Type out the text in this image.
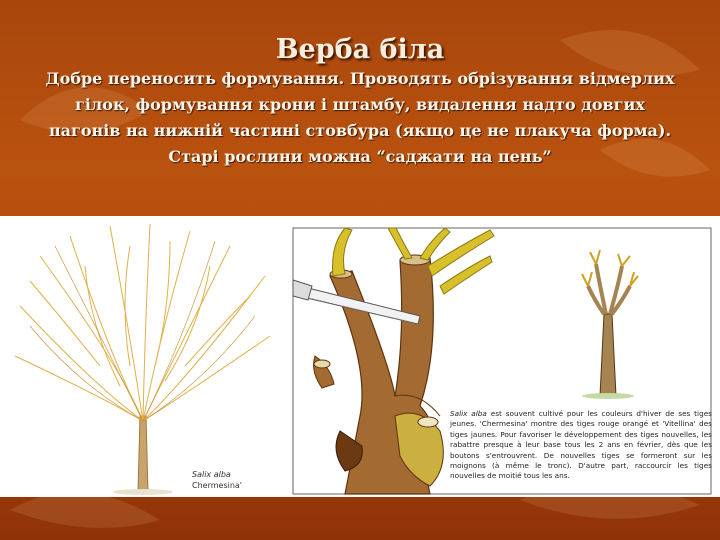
Верба біла
Добре переносить формування. Проводять обрізування відмерлих гілок, формування крони і штамбу, видалення надто довгих пагонів на нижній частині стовбура (якщо це не плакуча форма). Старі рослини можна “саджати на пень”
Salix alba
Chermesina'
Salix alba est souvent cultivé pour les couleurs d'hiver de ses tiges jeunes. 'Chermesina' montre des tiges rouge orangé et 'Vitellina' des tiges jaunes. Pour favoriser le développement des tiges nouvelles, les rabattre presque à leur base tous les 2 ans en février, dès que les boutons s'entrouvrent. De nouvelles tiges se formeront sur les moignons (à même le tronc). D'autre part, raccourcir les tiges nouvelles de moitié tous les ans.
